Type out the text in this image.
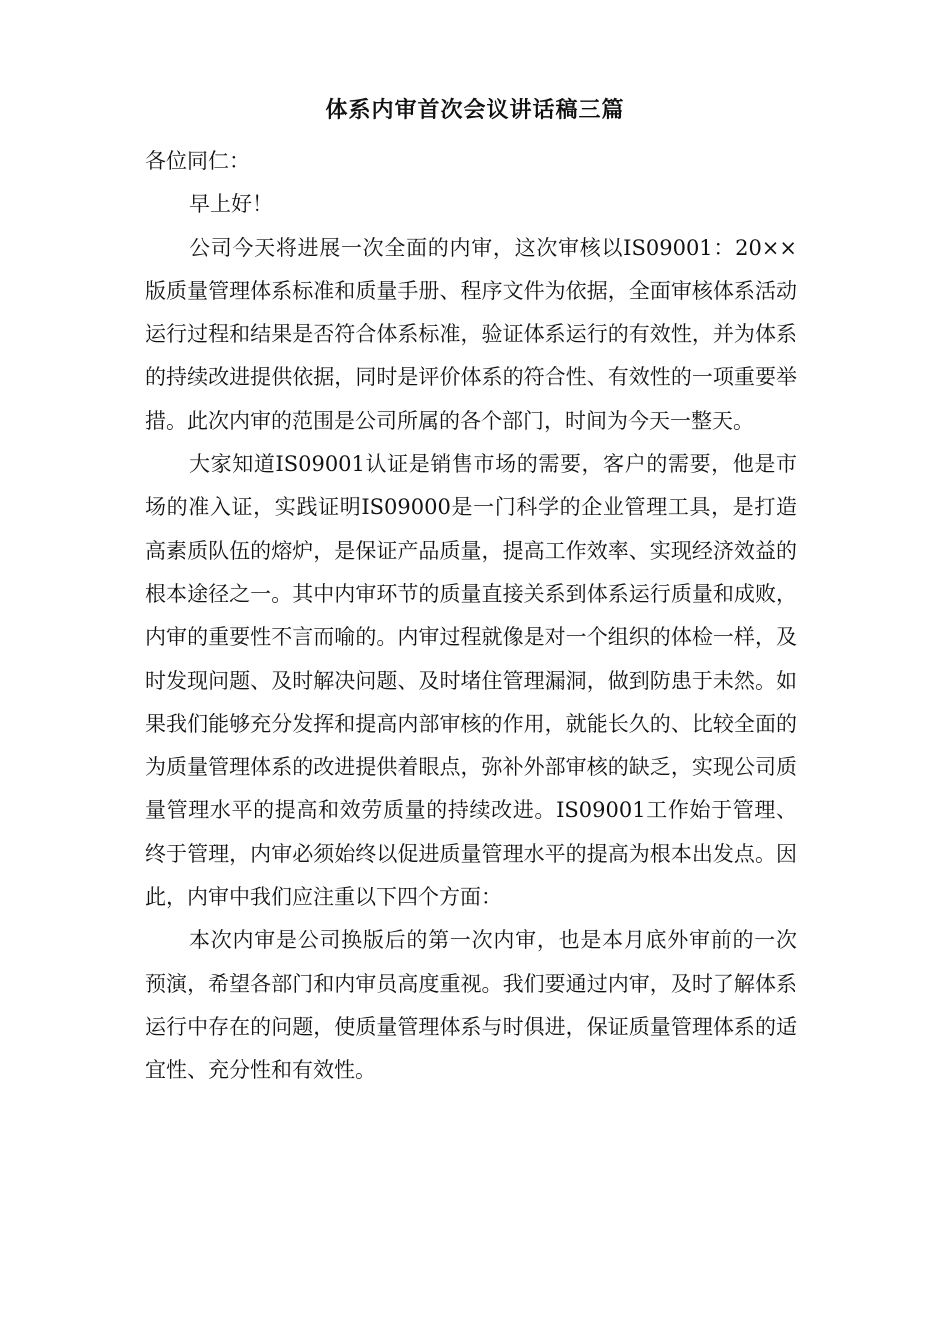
体系内审首次会议讲话稿三篇

各位同仁：

早上好！

公司今天将进展一次全面的内审，这次审核以IS09001：20××版质量管理体系标准和质量手册、程序文件为依据，全面审核体系活动运行过程和结果是否符合体系标准，验证体系运行的有效性，并为体系的持续改进提供依据，同时是评价体系的符合性、有效性的一项重要举措。此次内审的范围是公司所属的各个部门，时间为今天一整天。

大家知道IS09001认证是销售市场的需要，客户的需要，他是市场的准入证，实践证明IS09000是一门科学的企业管理工具，是打造高素质队伍的熔炉，是保证产品质量，提高工作效率、实现经济效益的根本途径之一。其中内审环节的质量直接关系到体系运行质量和成败，内审的重要性不言而喻的。内审过程就像是对一个组织的体检一样，及时发现问题、及时解决问题、及时堵住管理漏洞，做到防患于未然。如果我们能够充分发挥和提高内部审核的作用，就能长久的、比较全面的为质量管理体系的改进提供着眼点，弥补外部审核的缺乏，实现公司质量管理水平的提高和效劳质量的持续改进。IS09001工作始于管理、终于管理，内审必须始终以促进质量管理水平的提高为根本出发点。因此，内审中我们应注重以下四个方面：

本次内审是公司换版后的第一次内审，也是本月底外审前的一次预演，希望各部门和内审员高度重视。我们要通过内审，及时了解体系运行中存在的问题，使质量管理体系与时俱进，保证质量管理体系的适宜性、充分性和有效性。
